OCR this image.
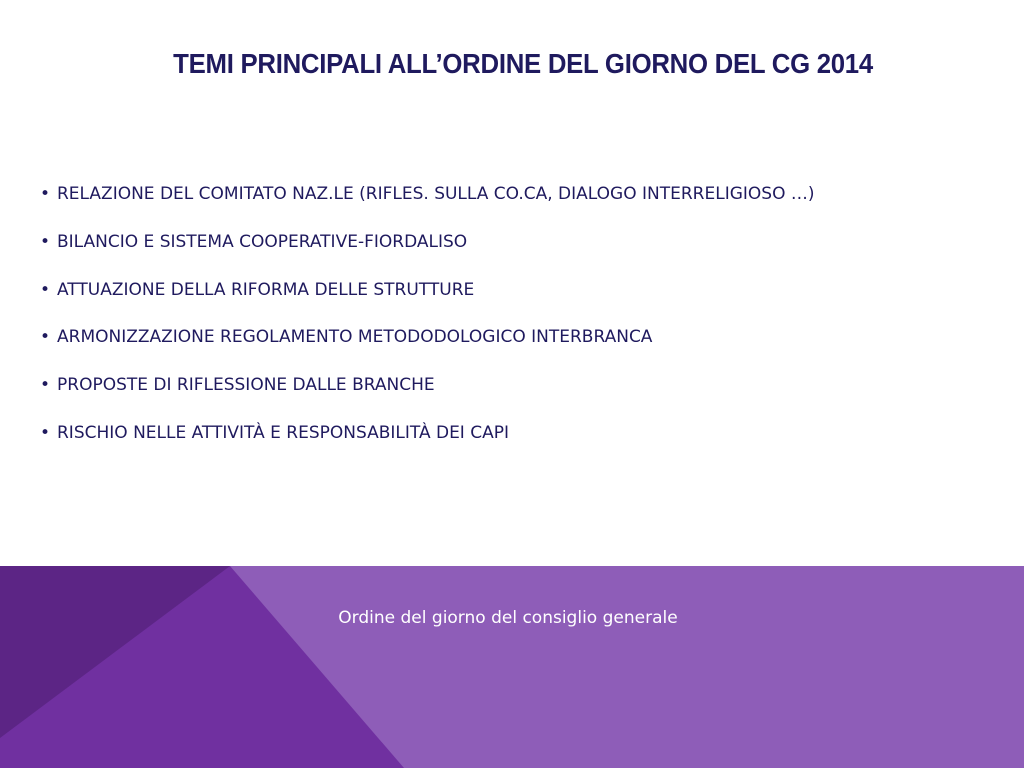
TEMI PRINCIPALI ALL’ORDINE DEL GIORNO DEL CG 2014
• RELAZIONE DEL COMITATO NAZ.LE (RIFLES. SULLA CO.CA, DIALOGO INTERRELIGIOSO …)
• BILANCIO E SISTEMA COOPERATIVE-FIORDALISO
• ATTUAZIONE DELLA RIFORMA DELLE STRUTTURE
• ARMONIZZAZIONE REGOLAMENTO METODODOLOGICO INTERBRANCA
• PROPOSTE DI RIFLESSIONE DALLE BRANCHE
• RISCHIO NELLE ATTIVITÀ E RESPONSABILITÀ DEI CAPI
Ordine del giorno del consiglio generale
